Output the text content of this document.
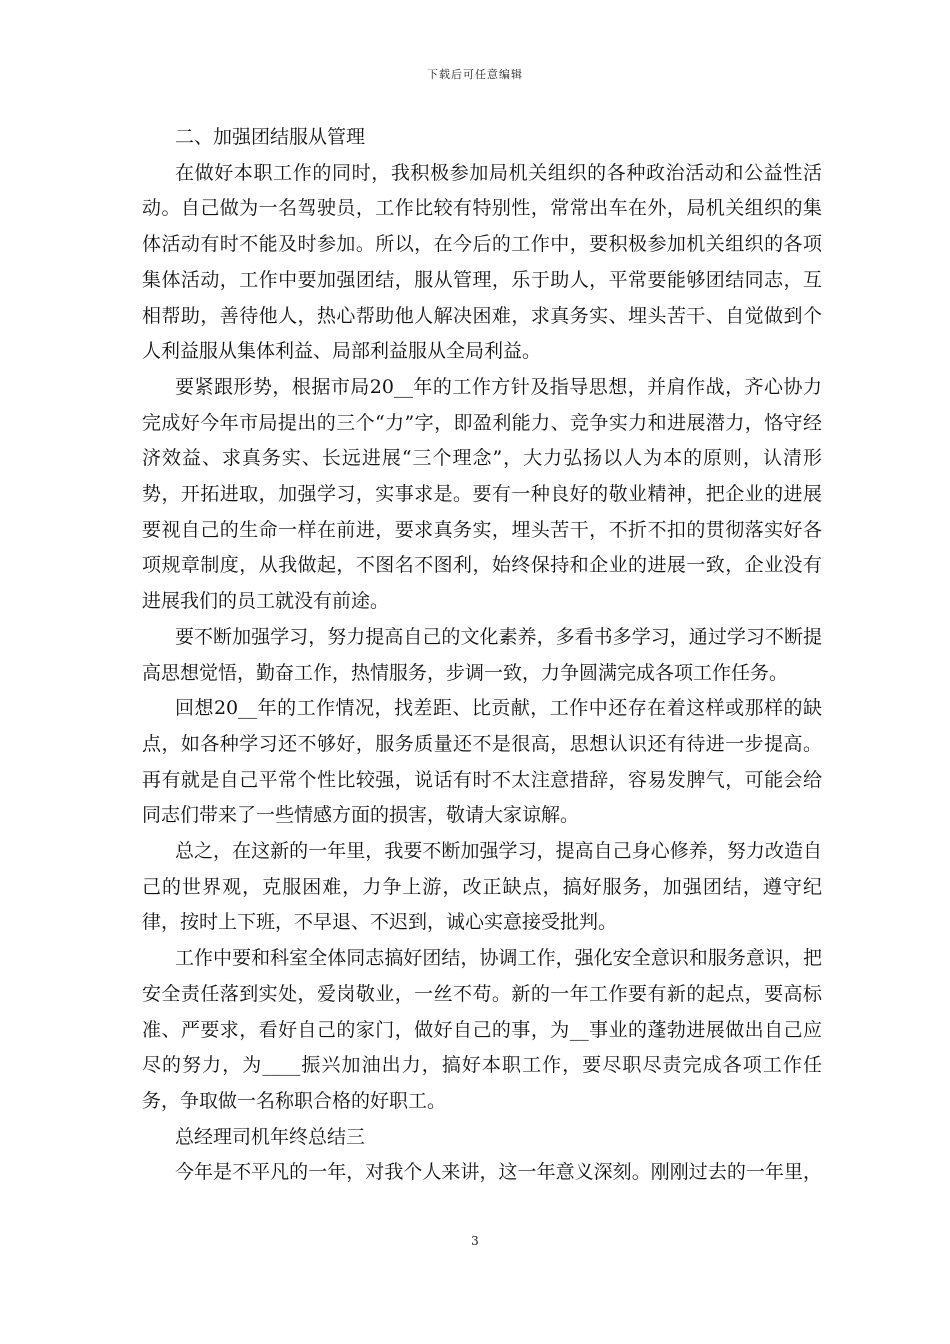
下载后可任意编辑

二、加强团结服从管理

在做好本职工作的同时，我积极参加局机关组织的各种政治活动和公益性活动。自己做为一名驾驶员，工作比较有特别性，常常出车在外，局机关组织的集体活动有时不能及时参加。所以，在今后的工作中，要积极参加机关组织的各项集体活动，工作中要加强团结，服从管理，乐于助人，平常要能够团结同志，互相帮助，善待他人，热心帮助他人解决困难，求真务实、埋头苦干、自觉做到个人利益服从集体利益、局部利益服从全局利益。

要紧跟形势，根据市局20__年的工作方针及指导思想，并肩作战，齐心协力完成好今年市局提出的三个“力”字，即盈利能力、竞争实力和进展潜力，恪守经济效益、求真务实、长远进展“三个理念”，大力弘扬以人为本的原则，认清形势，开拓进取，加强学习，实事求是。要有一种良好的敬业精神，把企业的进展要视自己的生命一样在前进，要求真务实，埋头苦干，不折不扣的贯彻落实好各项规章制度，从我做起，不图名不图利，始终保持和企业的进展一致，企业没有进展我们的员工就没有前途。

要不断加强学习，努力提高自己的文化素养，多看书多学习，通过学习不断提高思想觉悟，勤奋工作，热情服务，步调一致，力争圆满完成各项工作任务。

回想20__年的工作情况，找差距、比贡献，工作中还存在着这样或那样的缺点，如各种学习还不够好，服务质量还不是很高，思想认识还有待进一步提高。再有就是自己平常个性比较强，说话有时不太注意措辞，容易发脾气，可能会给同志们带来了一些情感方面的损害，敬请大家谅解。

总之，在这新的一年里，我要不断加强学习，提高自己身心修养，努力改造自己的世界观，克服困难，力争上游，改正缺点，搞好服务，加强团结，遵守纪律，按时上下班，不早退、不迟到，诚心实意接受批判。

工作中要和科室全体同志搞好团结，协调工作，强化安全意识和服务意识，把安全责任落到实处，爱岗敬业，一丝不苟。新的一年工作要有新的起点，要高标准、严要求，看好自己的家门，做好自己的事，为__事业的蓬勃进展做出自己应尽的努力，为____振兴加油出力，搞好本职工作，要尽职尽责完成各项工作任务，争取做一名称职合格的好职工。

总经理司机年终总结三

今年是不平凡的一年，对我个人来讲，这一年意义深刻。刚刚过去的一年里，

3
